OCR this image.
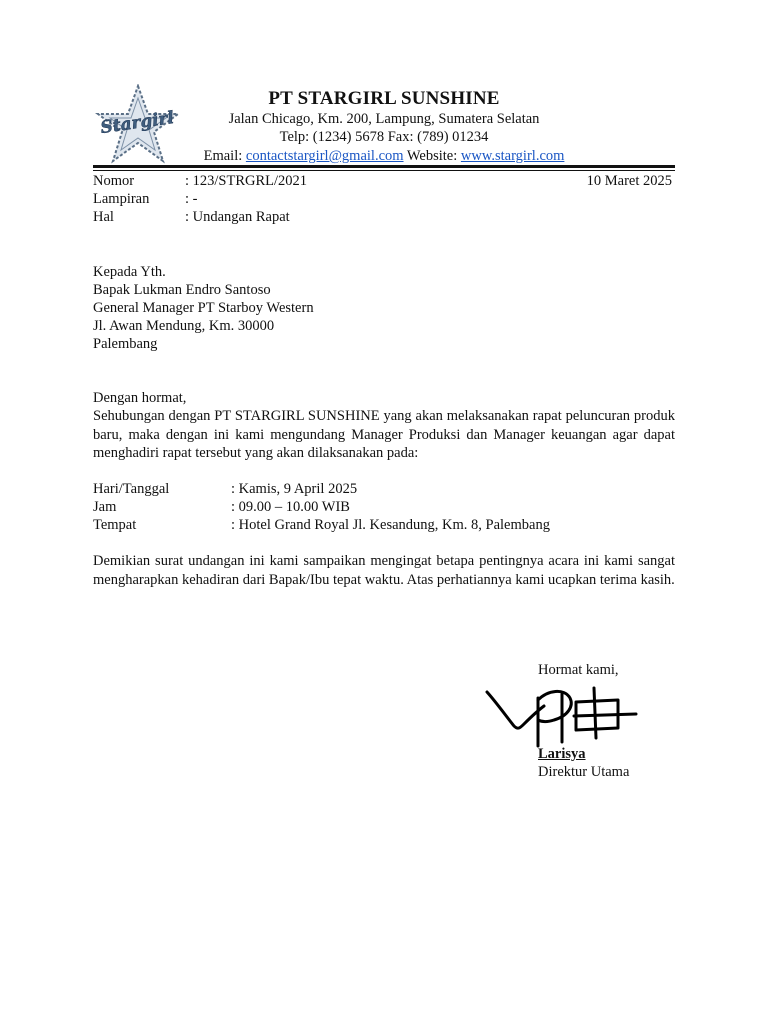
Stargirl
PT STARGIRL SUNSHINE
Jalan Chicago, Km. 200, Lampung, Sumatera Selatan
Telp: (1234) 5678 Fax: (789) 01234
Email: contactstargirl@gmail.com Website: www.stargirl.com
Nomor	: 123/STRGRL/2021	10 Maret 2025
Lampiran : -
Hal	: Undangan Rapat
Kepada Yth.
Bapak Lukman Endro Santoso
General Manager PT Starboy Western
Jl. Awan Mendung, Km. 30000
Palembang
Dengan hormat,
Sehubungan dengan PT STARGIRL SUNSHINE yang akan melaksanakan rapat peluncuran produk baru, maka dengan ini kami mengundang Manager Produksi dan Manager keuangan agar dapat menghadiri rapat tersebut yang akan dilaksanakan pada:
Hari/Tanggal	: Kamis, 9 April 2025
Jam	: 09.00 – 10.00 WIB
Tempat	: Hotel Grand Royal Jl. Kesandung, Km. 8, Palembang
Demikian surat undangan ini kami sampaikan mengingat betapa pentingnya acara ini kami sangat mengharapkan kehadiran dari Bapak/Ibu tepat waktu. Atas perhatiannya kami ucapkan terima kasih.
Hormat kami,
Larisya
Direktur Utama
